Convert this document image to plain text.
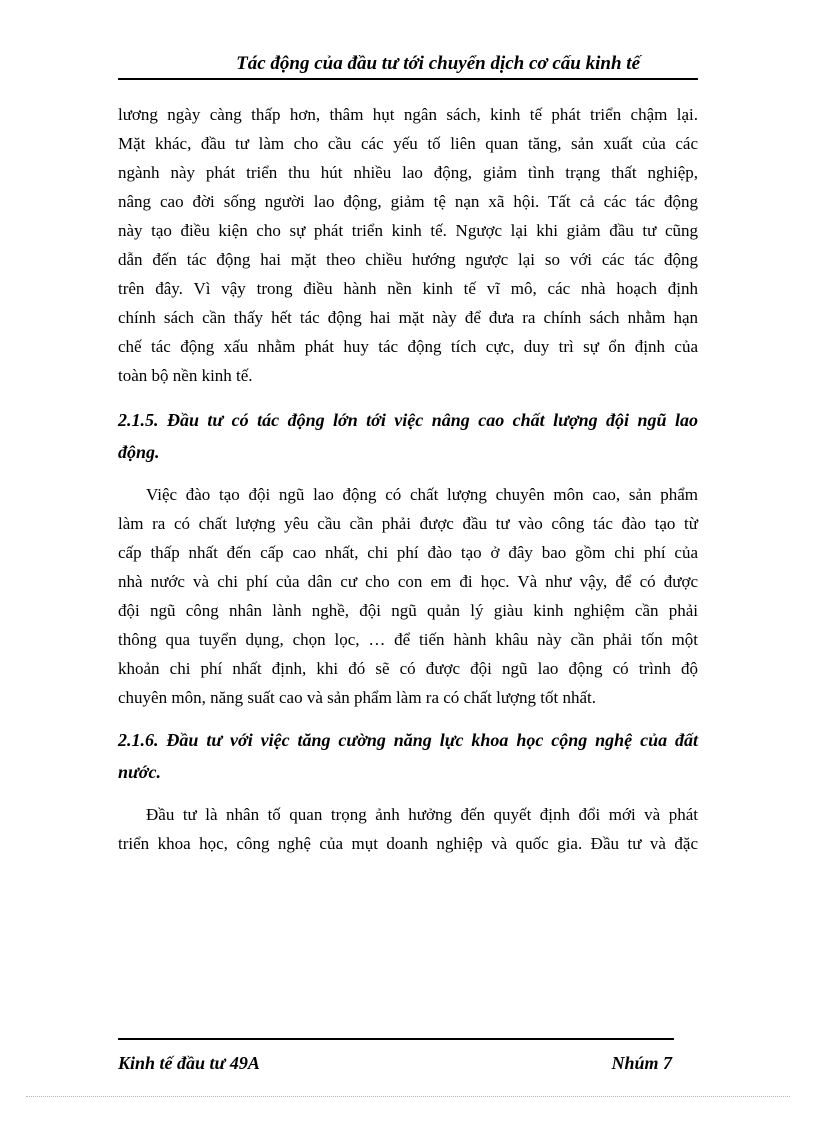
Tác động của đầu tư tới chuyển dịch cơ cấu kinh tế

lương ngày càng thấp hơn, thâm hụt ngân sách, kinh tế phát triển chậm lại.
Mặt khác, đầu tư làm cho cầu các yếu tố liên quan tăng, sản xuất của các
ngành này phát triển thu hút nhiều lao động, giảm tình trạng thất nghiệp,
nâng cao đời sống người lao động, giảm tệ nạn xã hội. Tất cả các tác động
này tạo điều kiện cho sự phát triển kinh tế. Ngược lại khi giảm đầu tư cũng
dẫn đến tác động hai mặt theo chiều hướng ngược lại so với các tác động
trên đây. Vì vậy trong điều hành nền kinh tế vĩ mô, các nhà hoạch định
chính sách cần thấy hết tác động hai mặt này để đưa ra chính sách nhằm hạn
chế tác động xấu nhằm phát huy tác động tích cực, duy trì sự ổn định của
toàn bộ nền kinh tế.

2.1.5. Đầu tư có tác động lớn tới việc nâng cao chất lượng đội ngũ lao
động.

Việc đào tạo đội ngũ lao động có chất lượng chuyên môn cao, sản phẩm
làm ra có chất lượng yêu cầu cần phải được đầu tư vào công tác đào tạo từ
cấp thấp nhất đến cấp cao nhất, chi phí đào tạo ở đây bao gồm chi phí của
nhà nước và chi phí của dân cư cho con em đi học. Và như vậy, để có được
đội ngũ công nhân lành nghề, đội ngũ quản lý giàu kinh nghiệm cần phải
thông qua tuyển dụng, chọn lọc, … để tiến hành khâu này cần phải tốn một
khoản chi phí nhất định, khi đó sẽ có được đội ngũ lao động có trình độ
chuyên môn, năng suất cao và sản phẩm làm ra có chất lượng tốt nhất.

2.1.6. Đầu tư với việc tăng cường năng lực khoa học cộng nghệ của đất
nước.

Đầu tư là nhân tố quan trọng ảnh hưởng đến quyết định đổi mới và phát
triển khoa học, công nghệ của mụt doanh nghiệp và quốc gia. Đầu tư và đặc

Kinh tế đầu tư 49A	Nhúm 7
